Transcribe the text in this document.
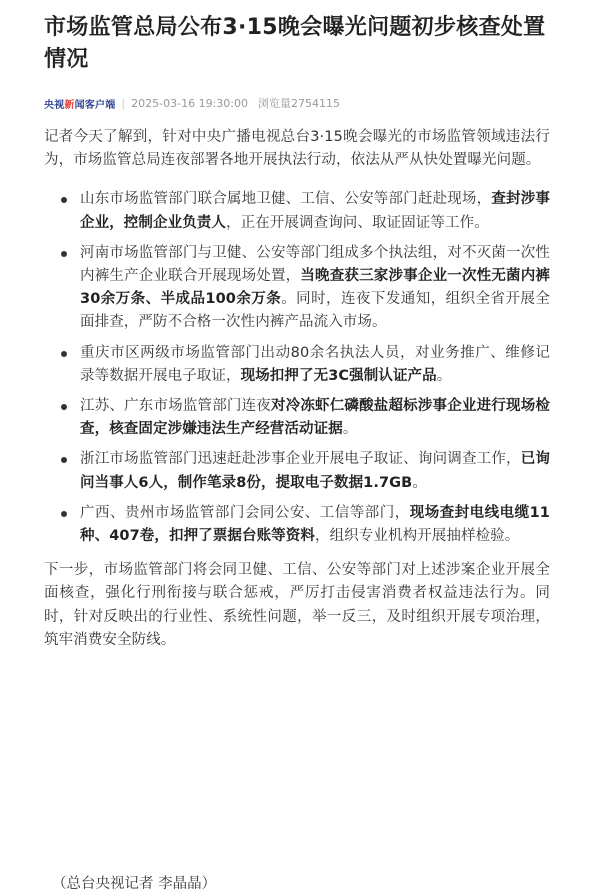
市场监管总局公布3·15晚会曝光问题初步核查处置情况
央视 新 闻客户端 | 2025-03-16 19:30:00 浏览量2754115

记者今天了解到，针对中央广播电视总台3·15晚会曝光的市场监管领域违法行为，市场监管总局连夜部署各地开展执法行动，依法从严从快处置曝光问题。

山东市场监管部门联合属地卫健、工信、公安等部门赶赴现场，查封涉事企业，控制企业负责人，正在开展调查询问、取证固证等工作。
河南市场监管部门与卫健、公安等部门组成多个执法组，对不灭菌一次性内裤生产企业联合开展现场处置，当晚查获三家涉事企业一次性无菌内裤30余万条、半成品100余万条。同时，连夜下发通知，组织全省开展全面排查，严防不合格一次性内裤产品流入市场。
重庆市区两级市场监管部门出动80余名执法人员，对业务推广、维修记录等数据开展电子取证，现场扣押了无3C强制认证产品。
江苏、广东市场监管部门连夜对冷冻虾仁磷酸盐超标涉事企业进行现场检查，核查固定涉嫌违法生产经营活动证据。
浙江市场监管部门迅速赶赴涉事企业开展电子取证、询问调查工作，已询问当事人6人，制作笔录8份，提取电子数据1.7GB。
广西、贵州市场监管部门会同公安、工信等部门，现场查封电线电缆11种、407卷，扣押了票据台账等资料，组织专业机构开展抽样检验。

下一步，市场监管部门将会同卫健、工信、公安等部门对上述涉案企业开展全面核查，强化行刑衔接与联合惩戒，严厉打击侵害消费者权益违法行为。同时，针对反映出的行业性、系统性问题，举一反三，及时组织开展专项治理，筑牢消费安全防线。

（总台央视记者 李晶晶）
